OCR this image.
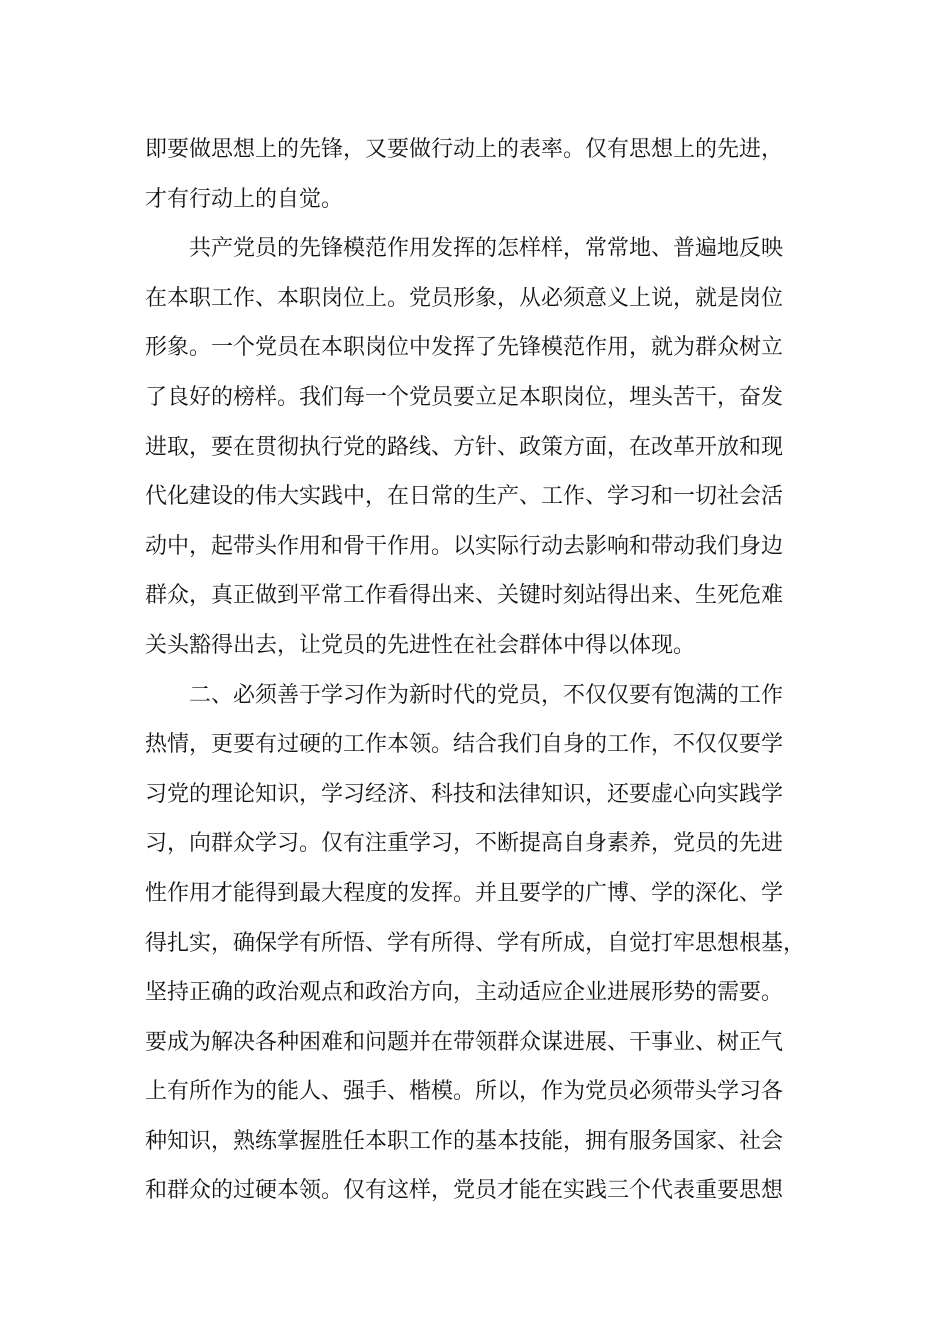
即要做思想上的先锋，又要做行动上的表率。仅有思想上的先进，
才有行动上的自觉。
　　共产党员的先锋模范作用发挥的怎样样，常常地、普遍地反映
在本职工作、本职岗位上。党员形象，从必须意义上说，就是岗位
形象。一个党员在本职岗位中发挥了先锋模范作用，就为群众树立
了良好的榜样。我们每一个党员要立足本职岗位，埋头苦干，奋发
进取，要在贯彻执行党的路线、方针、政策方面，在改革开放和现
代化建设的伟大实践中，在日常的生产、工作、学习和一切社会活
动中，起带头作用和骨干作用。以实际行动去影响和带动我们身边
群众，真正做到平常工作看得出来、关键时刻站得出来、生死危难
关头豁得出去，让党员的先进性在社会群体中得以体现。
　　二、必须善于学习作为新时代的党员，不仅仅要有饱满的工作
热情，更要有过硬的工作本领。结合我们自身的工作，不仅仅要学
习党的理论知识，学习经济、科技和法律知识，还要虚心向实践学
习，向群众学习。仅有注重学习，不断提高自身素养，党员的先进
性作用才能得到最大程度的发挥。并且要学的广博、学的深化、学
得扎实，确保学有所悟、学有所得、学有所成，自觉打牢思想根基，
坚持正确的政治观点和政治方向，主动适应企业进展形势的需要。
要成为解决各种困难和问题并在带领群众谋进展、干事业、树正气
上有所作为的能人、强手、楷模。所以，作为党员必须带头学习各
种知识，熟练掌握胜任本职工作的基本技能，拥有服务国家、社会
和群众的过硬本领。仅有这样，党员才能在实践三个代表重要思想
